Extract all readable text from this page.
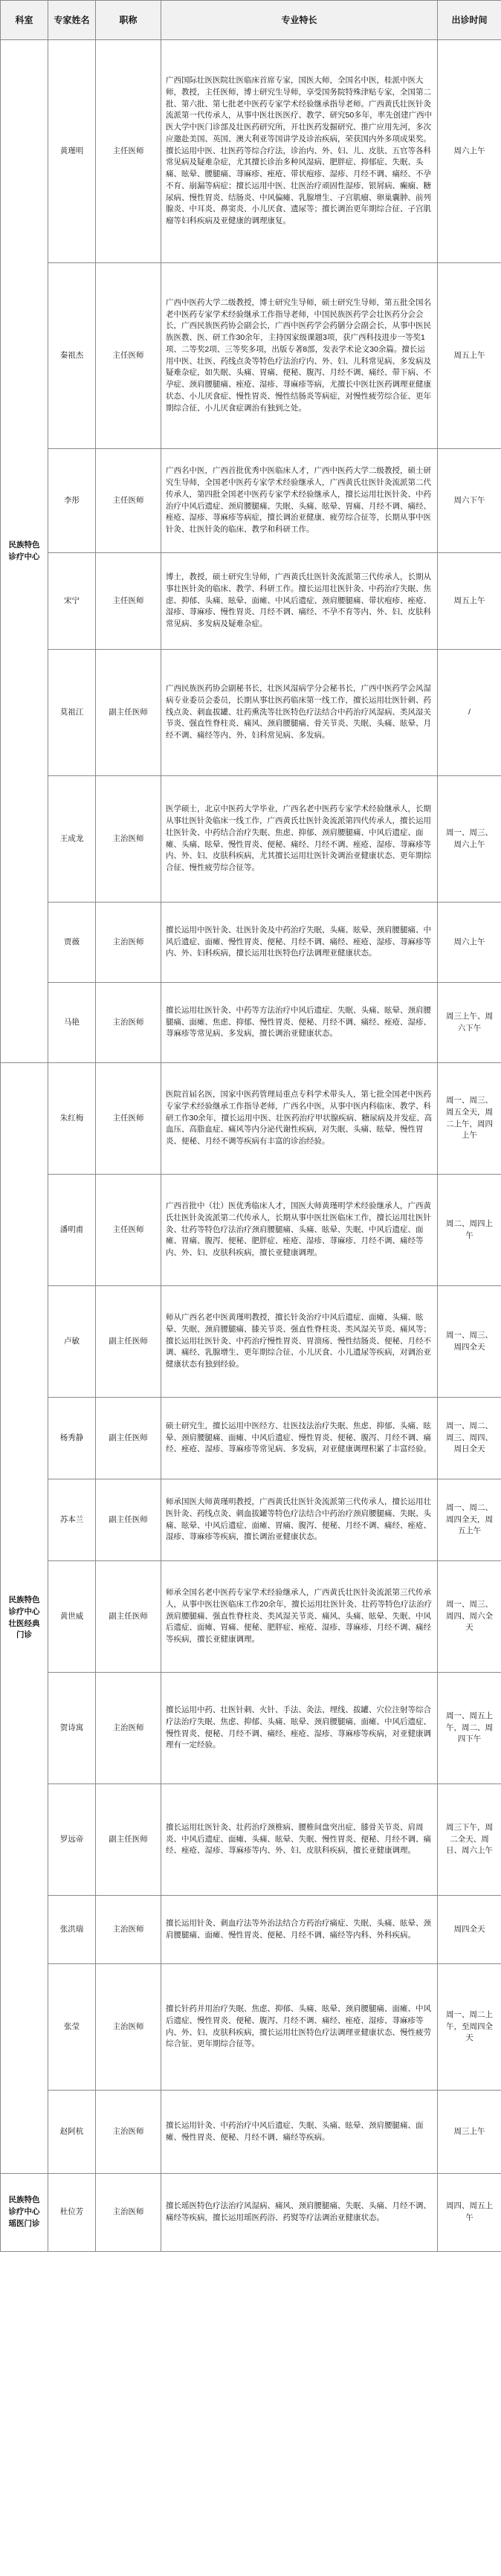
科室	专家姓名	职称	专业特长	出诊时间
民族特色诊疗中心	黄瑾明	主任医师	广西国际壮医医院壮医临床首席专家，国医大师，全国名中医，桂派中医大师，教授，主任医师，博士研究生导师，享受国务院特殊津贴专家，全国第二批、第六批、第七批老中医药专家学术经验继承指导老师。广西黄氏壮医针灸流派第一代传承人，从事中医壮医医疗、教学、研究50多年，率先创建广西中医大学中医门诊部及壮医药研究所，开壮医药发掘研究、推广应用先河，多次应邀赴美国、英国、澳大利亚等国讲学及诊治疾病，荣获国内外多项成果奖。擅长运用中医、壮医药等综合疗法，诊治内、外、妇、儿、皮肤、五官等各科常见病及疑难杂症，尤其擅长诊治多种风湿病、肥胖症、抑郁症、失眠、头痛、眩晕、腰腿痛、荨麻疹、痤疮、带状疱疹、湿疹、月经不调、痛经、不孕不育、崩漏等病症；擅长运用中医、壮医治疗顽固性湿疹、银屑病、癫痫、糖尿病、慢性胃炎、结肠炎、中风偏瘫、乳腺增生、子宫肌瘤、卵巢囊肿、前列腺炎、中耳炎、鼻窦炎、小儿厌食、遗尿等；擅长调治更年期综合征、子宫肌瘤等妇科疾病及亚健康的调理康复。	周六上午
	秦祖杰	主任医师	广西中医药大学二级教授，博士研究生导师，硕士研究生导师，第五批全国名老中医药专家学术经验继承工作指导老师，中国民族医药学会壮医药分会会长，广西民族医药协会副会长，广西中医药学会药膳分会副会长，从事中医民族医教、医、研工作30余年，主持国家级课题3项，获广西科技进步一等奖1项、二等奖2项、三等奖多项，出版专著8部，发表学术论文30余篇。擅长运用中医、壮医、药线点灸等特色疗法治疗内、外、妇、儿科常见病、多发病及疑难杂症，如失眠、头痛、胃痛、便秘、腹泻、月经不调、痛经、带下病、不孕症、颈肩腰腿痛、痤疮、湿疹、荨麻疹等病，尤擅长中医壮医药调理亚健康状态、小儿厌食症、慢性胃炎、慢性结肠炎等病症，对慢性疲劳综合征、更年期综合征、小儿厌食症调治有独到之处。	周五上午
	李彤	主任医师	广西名中医，广西首批优秀中医临床人才，广西中医药大学二级教授，硕士研究生导师，全国老中医药专家学术经验继承人，广西黄氏壮医针灸流派第二代传承人，第四批全国老中医药专家学术经验继承人，擅长运用壮医针灸、中药治疗中风后遗症、颈肩腰腿痛、失眠、头痛、眩晕、胃痛、月经不调、痛经、痤疮、湿疹、荨麻疹等病症，擅长调治亚健康、疲劳综合征等，长期从事中医针灸、壮医针灸的临床、教学和科研工作。	周六下午
	宋宁	主任医师	博士，教授，硕士研究生导师，广西黄氏壮医针灸流派第三代传承人，长期从事壮医针灸的临床、教学、科研工作。擅长运用壮医针灸、中药治疗失眠、焦虑、抑郁、头痛、眩晕、面瘫、中风后遗症、颈肩腰腿痛、带状疱疹、痤疮、湿疹、荨麻疹、慢性胃炎、月经不调、痛经、不孕不育等内、外、妇、皮肤科常见病、多发病及疑难杂症。	周五上午
	莫祖江	副主任医师	广西民族医药协会副秘书长，壮医风湿病学分会秘书长，广西中医药学会风湿病专业委员会委员，长期从事壮医药临床第一线工作，擅长运用壮医针刺、药线点灸、刺血拔罐、壮药熏洗等壮医特色疗法结合中药治疗风湿病、类风湿关节炎、强直性脊柱炎、痛风、颈肩腰腿痛、骨关节炎、失眠、头痛、眩晕、月经不调、痛经等内、外、妇科常见病、多发病。	/
	王成龙	主治医师	医学硕士，北京中医药大学毕业，广西名老中医药专家学术经验继承人，长期从事壮医针灸临床一线工作，广西黄氏壮医针灸流派第四代传承人，擅长运用壮医针灸、中药结合治疗失眠、焦虑、抑郁、颈肩腰腿痛、中风后遗症、面瘫、头痛、眩晕、慢性胃炎、便秘、痛经、月经不调、痤疮、湿疹、荨麻疹等内、外、妇、皮肤科疾病，尤其擅长运用壮医针灸调治亚健康状态、更年期综合征、慢性疲劳综合征等。	周一、周三、周六上午
	贾薇	主治医师	擅长运用中医针灸、壮医针灸及中药治疗失眠、头痛、眩晕、颈肩腰腿痛、中风后遗症、面瘫、慢性胃炎、便秘、月经不调、痛经、痤疮、湿疹、荨麻疹等内、外、妇科疾病，擅长运用壮医特色疗法调理亚健康状态。	周六上午
	马艳	主治医师	擅长运用壮医针灸、中药等方法治疗中风后遗症、失眠、头痛、眩晕、颈肩腰腿痛、面瘫、焦虑、抑郁、慢性胃炎、便秘、月经不调、痛经、痤疮、湿疹、荨麻疹等常见病、多发病，擅长调治亚健康状态。	周三上午、周六下午
民族特色诊疗中心壮医经典门诊	朱红梅	主任医师	医院首届名医，国家中医药管理局重点专科学术带头人，第七批全国老中医药专家学术经验继承工作指导老师，广西名中医，从事中医内科临床、教学、科研工作30余年，擅长运用中医、壮医药治疗甲状腺疾病、糖尿病及并发症、高血压、高脂血症、痛风等内分泌代谢性疾病，对失眠、头痛、眩晕、慢性胃炎、便秘、月经不调等疾病有丰富的诊治经验。	周一、周三、周五全天，周二上午，周四上午
	潘明甫	主任医师	广西首批中（壮）医优秀临床人才，国医大师黄瑾明学术经验继承人，广西黄氏壮医针灸流派第二代传承人，长期从事中医壮医临床工作，擅长运用壮医针灸、壮药等特色疗法治疗颈肩腰腿痛、头痛、眩晕、失眠、中风后遗症、面瘫、胃痛、腹泻、便秘、肥胖症、痤疮、湿疹、荨麻疹、月经不调、痛经等内、外、妇、皮肤科疾病，擅长亚健康调理。	周二、周四上午
	卢敏	副主任医师	师从广西名老中医黄瑾明教授，擅长针灸治疗中风后遗症、面瘫、头痛、眩晕、失眠、颈肩腰腿痛、膝关节炎、强直性脊柱炎、类风湿关节炎、痛风等；擅长运用壮医针灸、中药治疗慢性胃炎、胃溃疡、慢性结肠炎、便秘、月经不调、痛经、乳腺增生、更年期综合征、小儿厌食、小儿遗尿等疾病，对调治亚健康状态有独到经验。	周一、周三、周四全天
	杨秀静	副主任医师	硕士研究生，擅长运用中医经方、壮医技法治疗失眠、焦虑、抑郁、头痛、眩晕、颈肩腰腿痛、面瘫、中风后遗症、慢性胃炎、便秘、腹泻、月经不调、痛经、痤疮、湿疹、荨麻疹等常见病、多发病，对亚健康调理积累了丰富经验。	周一、周二、周三、周四、周日全天
	苏本兰	副主任医师	师承国医大师黄瑾明教授，广西黄氏壮医针灸流派第三代传承人，擅长运用壮医针灸、药线点灸、刺血拔罐等特色疗法结合中药治疗颈肩腰腿痛、失眠、头痛、眩晕、中风后遗症、面瘫、胃痛、腹泻、便秘、月经不调、痛经、痤疮、湿疹、荨麻疹等疾病，擅长调治亚健康状态。	周一、周二、周四全天，周五上午
	黄世威	副主任医师	师承全国名老中医药专家学术经验继承人，广西黄氏壮医针灸流派第三代传承人，从事中医壮医临床工作20余年，擅长运用壮医针灸、壮药等特色疗法治疗颈肩腰腿痛、强直性脊柱炎、类风湿关节炎、痛风、头痛、眩晕、失眠、中风后遗症、面瘫、胃痛、便秘、肥胖症、痤疮、湿疹、荨麻疹、月经不调、痛经等疾病，擅长亚健康调理。	周一、周三、周四、周六全天
	贺诗寓	主治医师	擅长运用中药、壮医针刺、火针、手法、灸法、埋线、拔罐、穴位注射等综合疗法治疗失眠、焦虑、抑郁、头痛、眩晕、颈肩腰腿痛、面瘫、中风后遗症、慢性胃炎、便秘、月经不调、痛经、痤疮、湿疹、荨麻疹等疾病，对亚健康调理有一定经验。	周一、周五上午，周二、周四下午
	罗远帝	副主任医师	擅长运用壮医针灸、壮药治疗颈椎病、腰椎间盘突出症、膝骨关节炎、肩周炎、中风后遗症、面瘫、头痛、眩晕、失眠、慢性胃炎、便秘、月经不调、痛经、痤疮、湿疹、荨麻疹等内、外、妇、皮肤科疾病，擅长亚健康调理。	周三下午，周二全天、周日、周六上午
	张洪瑞	主治医师	擅长运用针灸、刺血疗法等外治法结合方药治疗痛症、失眠、头痛、眩晕、颈肩腰腿痛、面瘫、慢性胃炎、便秘、月经不调、痛经等内科、外科疾病。	周四全天
	张莹	主治医师	擅长针药并用治疗失眠、焦虑、抑郁、头痛、眩晕、颈肩腰腿痛、面瘫、中风后遗症、慢性胃炎、便秘、腹泻、月经不调、痛经、痤疮、湿疹、荨麻疹等内、外、妇、皮肤科疾病，擅长运用壮医特色疗法调理亚健康状态、慢性疲劳综合征、更年期综合征等。	周一、周二上午，至周四全天
	赵阿杭	主治医师	擅长运用针灸、中药治疗中风后遗症、失眠、头痛、眩晕、颈肩腰腿痛、面瘫、慢性胃炎、便秘、月经不调、痛经等疾病。	周三上午
民族特色诊疗中心瑶医门诊	杜位芳	主治医师	擅长瑶医特色疗法治疗风湿病、痛风、颈肩腰腿痛、失眠、头痛、月经不调、痛经等疾病，擅长运用瑶医药浴、药熨等疗法调治亚健康状态。	周四、周五上午
